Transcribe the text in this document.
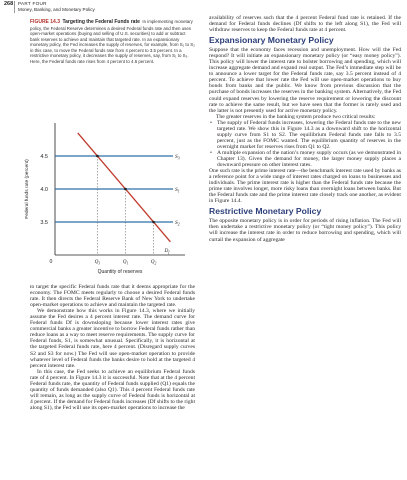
268 PART FOUR
Money, Banking, and Monetary Policy
FIGURE 14.3 Targeting the Federal Funds rate In implementing monetary policy, the Federal Reserve determines a desired Federal funds rate and then uses open-market operations (buying and selling of U.S. securities) to add or subtract bank reserves to achieve and maintain that targeted rate. In an expansionary monetary policy, the Fed increases the supply of reserves, for example, from S₁ to S₂ in this case, to move the Federal funds rate from 4 percent to 3.5 percent. In a restrictive monetary policy, it decreases the supply of reserves, say, from S₁ to S₃. Here, the Federal funds rate rises from 4 percent to 4.5 percent.
4.5
4.0
3.5
Federal funds rate (percent)
$S_3$
$S_1$
$S_2$
$D_f$
$Q_3$	$Q_1$	$Q_2$
0
Quantity of reserves

to target the specific Federal funds rate that it deems appropriate for the economy. The FOMC meets regularly to choose a desired Federal funds rate. It then directs the Federal Reserve Bank of New York to undertake open-market operations to achieve and maintain the targeted rate.

We demonstrate how this works in Figure 14.3, where we initially assume the Fed desires a 4 percent interest rate. The demand curve for Federal funds Df is downsloping because lower interest rates give commercial banks a greater incentive to borrow Federal funds rather than reduce loans as a way to meet reserve requirements. The supply curve for Federal funds, S1, is somewhat unusual. Specifically, it is horizontal at the targeted Federal funds rate, here 4 percent. (Disregard supply curves S2 and S3 for now.) The Fed will use open-market operation to provide whatever level of Federal funds the banks desire to hold at the targeted 4 percent interest rate.

In this case, the Fed seeks to achieve an equilibrium Federal funds rate of 4 percent. In Figure 14.3 it is successful. Note that at the 4 percent Federal funds rate, the quantity of Federal funds supplied (Q1) equals the quantity of funds demanded (also Q1). This 4 percent Federal funds rate will remain, as long as the supply curve of Federal funds is horizontal at 4 percent. If the demand for Federal funds increases (Df shifts to the right along S1), the Fed will use its open-market operations to increase the

availability of reserves such that the 4 percent Federal fund rate is retained. If the demand for Federal funds declines (Df shifts to the left along S1), the Fed will withdraw reserves to keep the Federal funds rate at 4 percent.

Expansionary Monetary Policy

Suppose that the economy faces recession and unemployment. How will the Fed respond? It will initiate an expansionary monetary policy (or “easy money policy”). This policy will lower the interest rate to bolster borrowing and spending, which will increase aggregate demand and expand real output. The Fed’s immediate step will be to announce a lower target for the Federal funds rate, say 3.5 percent instead of 4 percent. To achieve that lower rate the Fed will use open-market operations to buy bonds from banks and the public. We know from previous discussion that the purchase of bonds increases the reserves in the banking system. Alternatively, the Fed could expand reserves by lowering the reserve requirement or lowering the discount rate to achieve the same result, but we have seen that the former is rarely used and the latter is not presently used for active monetary policy.

The greater reserves in the banking system produce two critical results:

• The supply of Federal funds increases, lowering the Federal funds rate to the new targeted rate. We show this in Figure 14.3 as a downward shift to the horizontal supply curve from S1 to S2. The equilibrium Federal funds rate falls to 3.5 percent, just as the FOMC wanted. The equilibrium quantity of reserves in the overnight market for reserves rises from Q1 to Q2.
• A multiple expansion of the nation’s money supply occurs (as we demonstrated in Chapter 13). Given the demand for money, the larger money supply places a downward pressure on other interest rates.

One such rate is the prime interest rate—the benchmark interest rate used by banks as a reference point for a wide range of interest rates charged on loans to businesses and individuals. The prime interest rate is higher than the Federal funds rate because the prime rate involves longer, more risky loans than overnight loans between banks. But the Federal funds rate and the prime interest rate closely track one another, as evident in Figure 14.4.

Restrictive Monetary Policy

The opposite monetary policy is in order for periods of rising inflation. The Fed will then undertake a restrictive monetary policy (or “tight money policy”). This policy will increase the interest rate in order to reduce borrowing and spending, which will curtail the expansion of aggregate
